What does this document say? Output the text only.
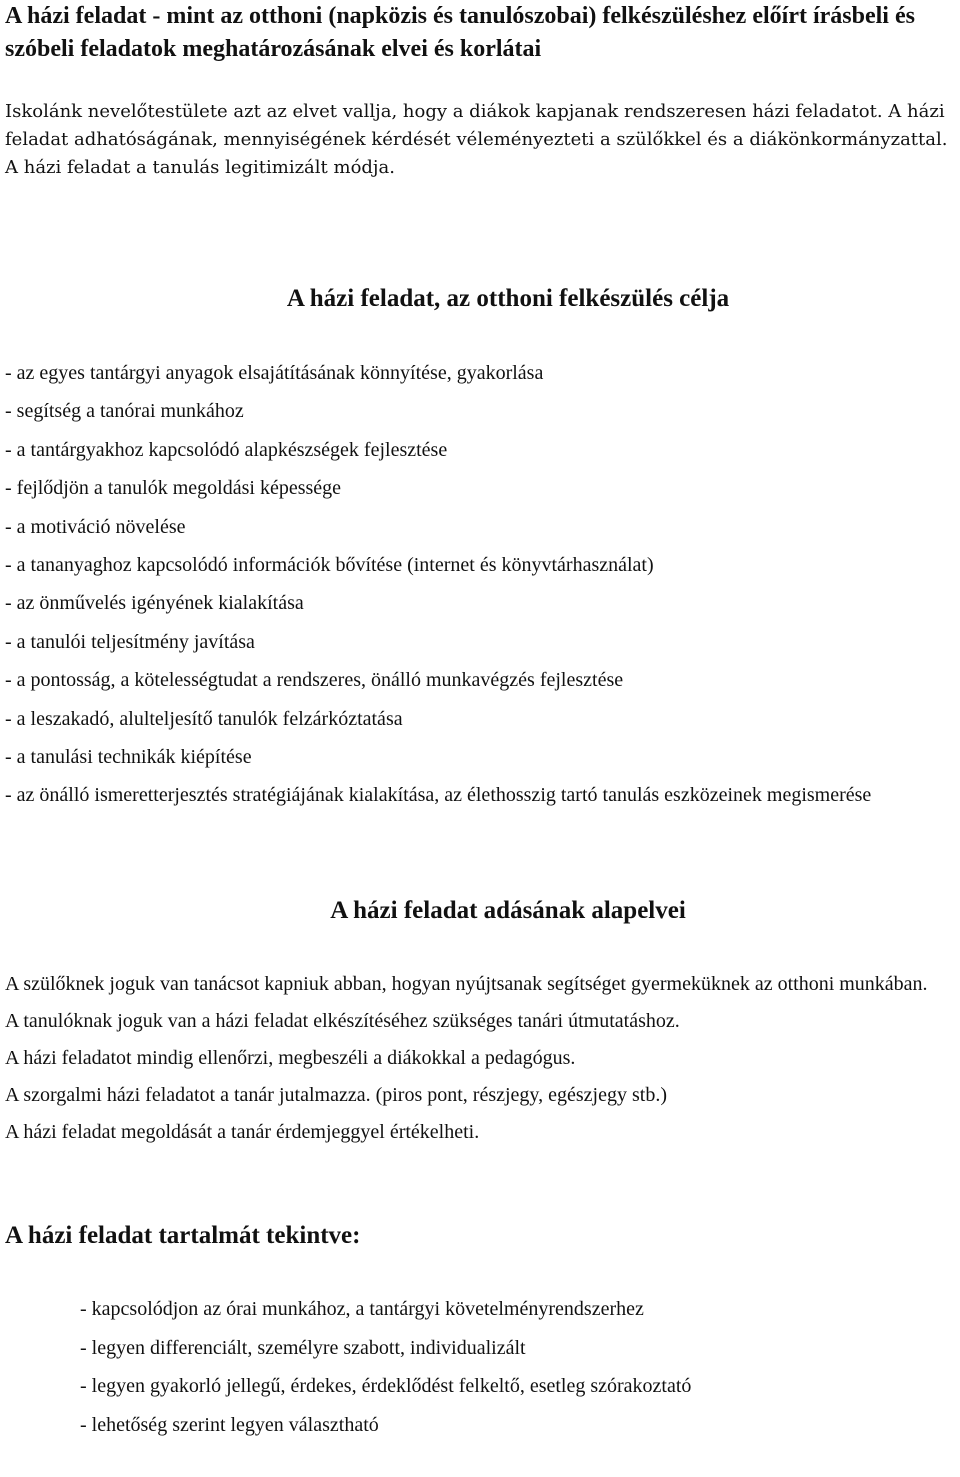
A házi feladat - mint az otthoni (napközis és tanulószobai) felkészüléshez előírt írásbeli és szóbeli feladatok meghatározásának elvei és korlátai

Iskolánk nevelőtestülete azt az elvet vallja, hogy a diákok kapjanak rendszeresen házi feladatot. A házi feladat adhatóságának, mennyiségének kérdését véleményezteti a szülőkkel és a diákönkormányzattal.

A házi feladat a tanulás legitimizált módja.

A házi feladat, az otthoni felkészülés célja
- az egyes tantárgyi anyagok elsajátításának könnyítése, gyakorlása
- segítség a tanórai munkához
- a tantárgyakhoz kapcsolódó alapkészségek fejlesztése
- fejlődjön a tanulók megoldási képessége
- a motiváció növelése
- a tananyaghoz kapcsolódó információk bővítése (internet és könyvtárhasználat)
- az önművelés igényének kialakítása
- a tanulói teljesítmény javítása
- a pontosság, a kötelességtudat a rendszeres, önálló munkavégzés fejlesztése
- a leszakadó, alulteljesítő tanulók felzárkóztatása
- a tanulási technikák kiépítése
- az önálló ismeretterjesztés stratégiájának kialakítása, az élethosszig tartó tanulás eszközeinek megismerése
A házi feladat adásának alapelvei

A szülőknek joguk van tanácsot kapniuk abban, hogyan nyújtsanak segítséget gyermeküknek az otthoni munkában.

A tanulóknak joguk van a házi feladat elkészítéséhez szükséges tanári útmutatáshoz.

A házi feladatot mindig ellenőrzi, megbeszéli a diákokkal a pedagógus.

A szorgalmi házi feladatot a tanár jutalmazza. (piros pont, részjegy, egészjegy stb.)

A házi feladat megoldását a tanár érdemjeggyel értékelheti.

A házi feladat tartalmát tekintve:
- kapcsolódjon az órai munkához, a tantárgyi követelményrendszerhez
- legyen differenciált, személyre szabott, individualizált
- legyen gyakorló jellegű, érdekes, érdeklődést felkeltő, esetleg szórakoztató
- lehetőség szerint legyen választható
